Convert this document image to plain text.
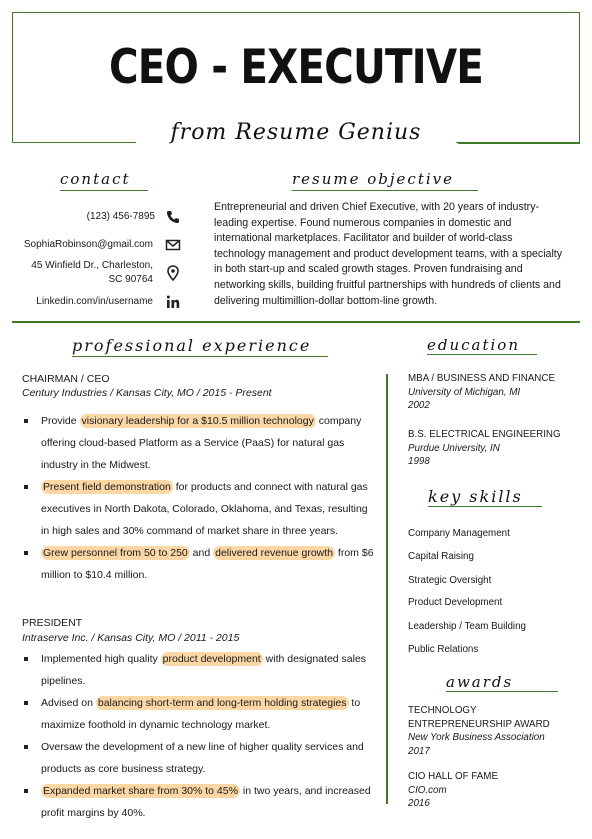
CEO - EXECUTIVE
from Resume Genius
contact
(123) 456-7895
SophiaRobinson@gmail.com
45 Winfield Dr., Charleston,
SC 90764
Linkedin.com/in/username
resume objective
Entrepreneurial and driven Chief Executive, with 20 years of industry-leading expertise. Found numerous companies in domestic and international marketplaces. Facilitator and builder of world-class technology management and product development teams, with a specialty in both start-up and scaled growth stages. Proven fundraising and networking skills, building fruitful partnerships with hundreds of clients and delivering multimillion-dollar bottom-line growth.
professional experience
CHAIRMAN / CEO
Century Industries / Kansas City, MO / 2015 - Present
Provide visionary leadership for a $10.5 million technology company offering cloud-based Platform as a Service (PaaS) for natural gas industry in the Midwest.
Present field demonstration for products and connect with natural gas executives in North Dakota, Colorado, Oklahoma, and Texas, resulting in high sales and 30% command of market share in three years.
Grew personnel from 50 to 250 and delivered revenue growth from $6 million to $10.4 million.
PRESIDENT
Intraserve Inc. / Kansas City, MO / 2011 - 2015
Implemented high quality product development with designated sales pipelines.
Advised on balancing short-term and long-term holding strategies to maximize foothold in dynamic technology market.
Oversaw the development of a new line of higher quality services and products as core business strategy.
Expanded market share from 30% to 45% in two years, and increased profit margins by 40%.
education
MBA / BUSINESS AND FINANCE
University of Michigan, MI
2002
B.S. ELECTRICAL ENGINEERING
Purdue University, IN
1998
key skills
Company Management
Capital Raising
Strategic Oversight
Product Development
Leadership / Team Building
Public Relations
awards
TECHNOLOGY
ENTREPRENEURSHIP AWARD
New York Business Association
2017
CIO HALL OF FAME
CIO.com
2016
